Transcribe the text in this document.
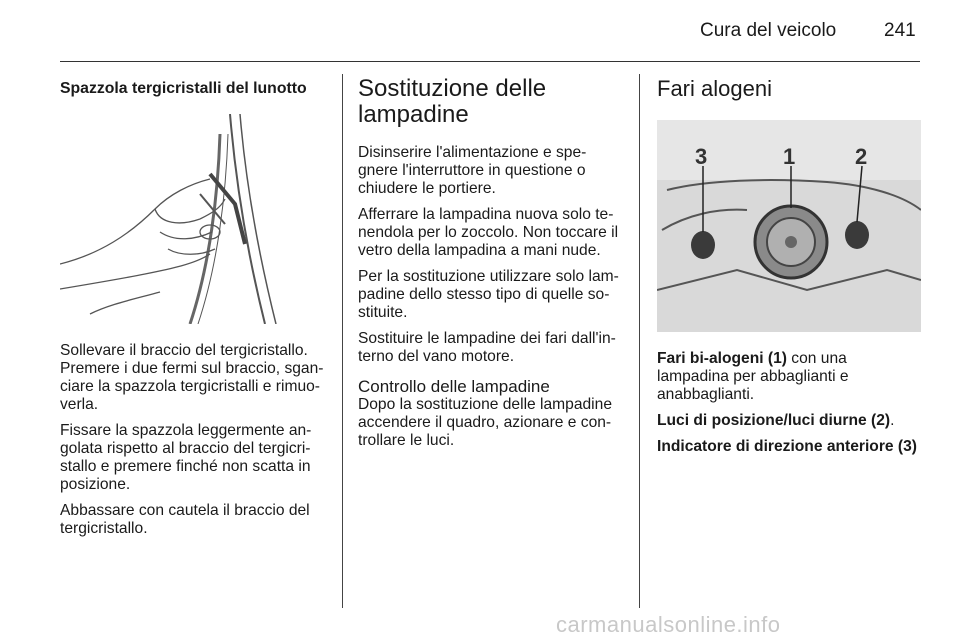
Cura del veicolo	241
Spazzola tergicristalli del lunotto

Sollevare il braccio del tergicristallo. Premere i due fermi sul braccio, sgan-ciare la spazzola tergicristalli e rimuo-verla.

Fissare la spazzola leggermente an-golata rispetto al braccio del tergicri-stallo e premere finché non scatta in posizione.

Abbassare con cautela il braccio del tergicristallo.

Sostituzione delle lampadine

Disinserire l'alimentazione e spe-gnere l'interruttore in questione o chiudere le portiere.

Afferrare la lampadina nuova solo te-nendola per lo zoccolo. Non toccare il vetro della lampadina a mani nude.

Per la sostituzione utilizzare solo lam-padine dello stesso tipo di quelle so-stituite.

Sostituire le lampadine dei fari dall'in-terno del vano motore.

Controllo delle lampadine

Dopo la sostituzione delle lampadine accendere il quadro, azionare e con-trollare le luci.

Fari alogeni
3	1	2

Fari bi-alogeni (1) con una lampadina per abbaglianti e anabbaglianti.

Luci di posizione/luci diurne (2).

Indicatore di direzione anteriore (3)

carmanualsonline.info
